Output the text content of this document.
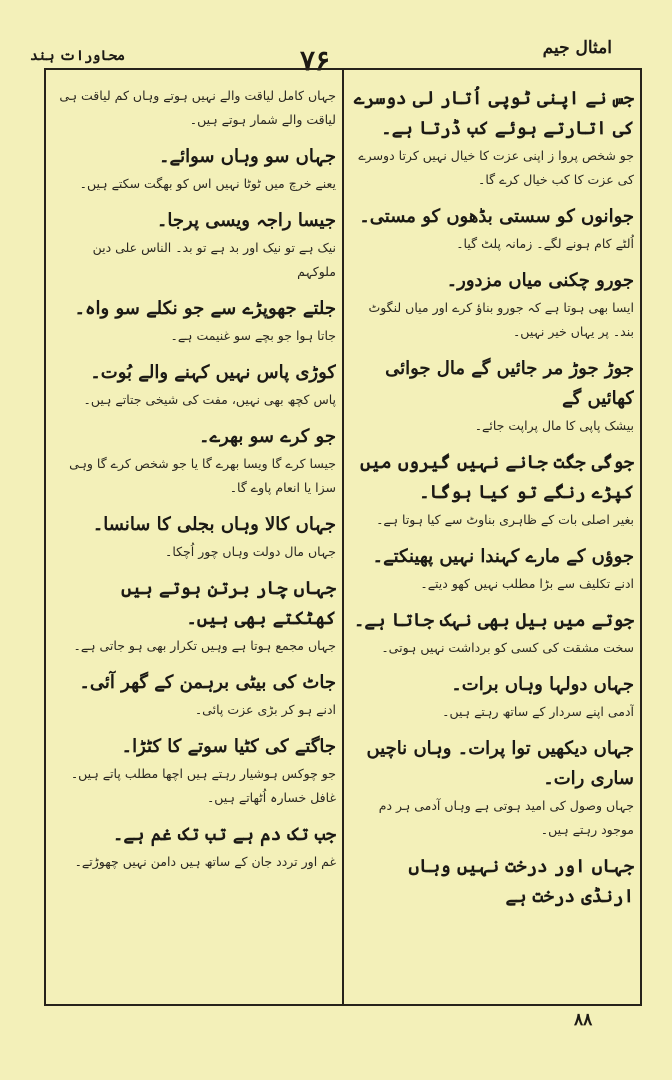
امثال جیم
۷۶
محاورات ہند
جس نے اپنی ٹوپی اُتار لی دوسرے کی اتارتے ہوئے کب ڈرتا ہے۔
جو شخص پروا ز اپنی عزت کا خیال نہیں کرتا دوسرے کی عزت کا کب خیال کرے گا۔
جوانوں کو سستی بڈھوں کو مستی۔
اُلٹے کام ہونے لگے۔ زمانہ پلٹ گیا۔
جورو چکنی میاں مزدور۔
ایسا بھی ہوتا ہے کہ جورو بناؤ کرے اور میاں لنگوٹ بند۔ پر یہاں خیر نہیں۔
جوڑ جوڑ مر جائیں گے مال جوائی کھائیں گے
بیشک پاپی کا مال پراپت جائے۔
جوگی جگت جانے نہیں گیروں میں کپڑے رنگے تو کیا ہوگا۔
بغیر اصلی بات کے ظاہری بناوٹ سے کیا ہوتا ہے۔
جوؤں کے مارے کہندا نہیں پھینکتے۔
ادنے تکلیف سے بڑا مطلب نہیں کھو دیتے۔
جوتے میں بیل بھی نہک جاتا ہے۔
سخت مشقت کی کسی کو برداشت نہیں ہوتی۔
جہاں دولہا وہاں برات۔
آدمی اپنے سردار کے ساتھ رہتے ہیں۔
جہاں دیکھیں توا پرات۔ وہاں ناچیں ساری رات۔
جہاں وصول کی امید ہوتی ہے وہاں آدمی ہر دم موجود رہتے ہیں۔
جہاں اور درخت نہیں وہاں ارنڈی درخت ہے
جہاں کامل لیاقت والے نہیں ہوتے وہاں کم لیاقت ہی لیاقت والے شمار ہوتے ہیں۔
جہاں سو وہاں سوائے۔
یعنے خرچ میں ٹوٹا نہیں اس کو بھگت سکتے ہیں۔
جیسا راجہ ویسی پرجا۔
نیک ہے تو نیک اور بد ہے تو بد۔ الناس علی دین ملوکہم
جلتے جھوپڑے سے جو نکلے سو واہ۔
جاتا ہوا جو بچے سو غنیمت ہے۔
کوڑی پاس نہیں کہنے والے بُوت۔
پاس کچھ بھی نہیں، مفت کی شیخی جتاتے ہیں۔
جو کرے سو بھرے۔
جیسا کرے گا ویسا بھرے گا یا جو شخص کرے گا وہی سزا یا انعام پاوے گا۔
جہاں کالا وہاں بجلی کا سانسا۔
جہاں مال دولت وہاں چور اُچکا۔
جہاں چار برتن ہوتے ہیں کھٹکتے بھی ہیں۔
جہاں مجمع ہوتا ہے وہیں تکرار بھی ہو جاتی ہے۔
جاٹ کی بیٹی برہمن کے گھر آئی۔
ادنے ہو کر بڑی عزت پائی۔
جاگتے کی کٹیا سوتے کا کٹڑا۔
جو چوکس ہوشیار رہتے ہیں اچھا مطلب پاتے ہیں۔ غافل خسارہ اُٹھاتے ہیں۔
جب تک دم ہے تب تک غم ہے۔
غم اور تردد جان کے ساتھ ہیں دامن نہیں چھوڑتے۔
۸۸
